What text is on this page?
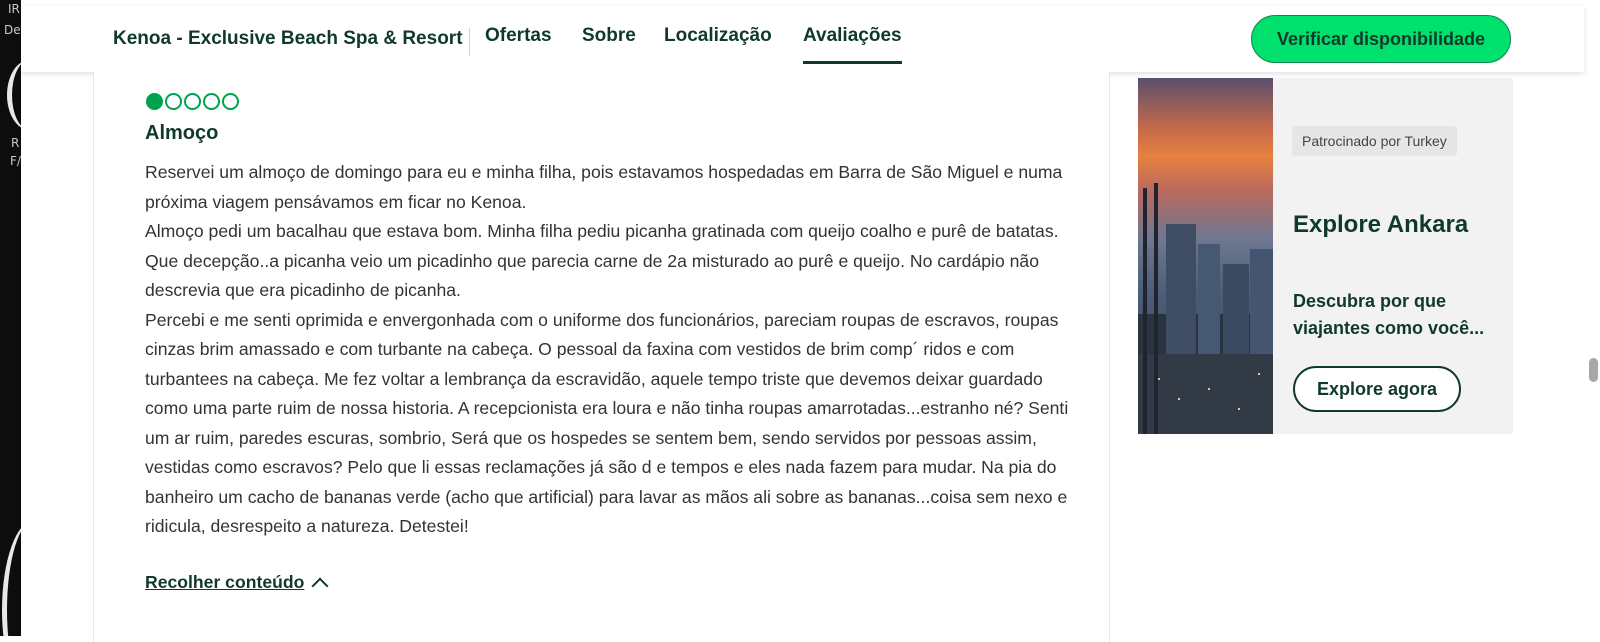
IR
De
R
F/
Kenoa - Exclusive Beach Spa & Resort Ofertas Sobre Localização Avaliações	Verificar disponibilidade
Almoço

Reservei um almoço de domingo para eu e minha filha, pois estavamos hospedadas em Barra de São Miguel e numa próxima viagem pensávamos em ficar no Kenoa.

Almoço pedi um bacalhau que estava bom. Minha filha pediu picanha gratinada com queijo coalho e purê de batatas. Que decepção..a picanha veio um picadinho que parecia carne de 2a misturado ao purê e queijo. No cardápio não descrevia que era picadinho de picanha.

Percebi e me senti oprimida e envergonhada com o uniforme dos funcionários, pareciam roupas de escravos, roupas cinzas brim amassado e com turbante na cabeça. O pessoal da faxina com vestidos de brim comp´ ridos e com turbantees na cabeça. Me fez voltar a lembrança da escravidão, aquele tempo triste que devemos deixar guardado como uma parte ruim de nossa historia. A recepcionista era loura e não tinha roupas amarrotadas...estranho né? Senti um ar ruim, paredes escuras, sombrio, Será que os hospedes se sentem bem, sendo servidos por pessoas assim, vestidas como escravos? Pelo que li essas reclamações já são d e tempos e eles nada fazem para mudar. Na pia do banheiro um cacho de bananas verde (acho que artificial) para lavar as mãos ali sobre as bananas...coisa sem nexo e ridicula, desrespeito a natureza. Detestei!

Recolher conteúdo
Patrocinado por Turkey
Explore Ankara
Descubra por que viajantes como você...
Explore agora
